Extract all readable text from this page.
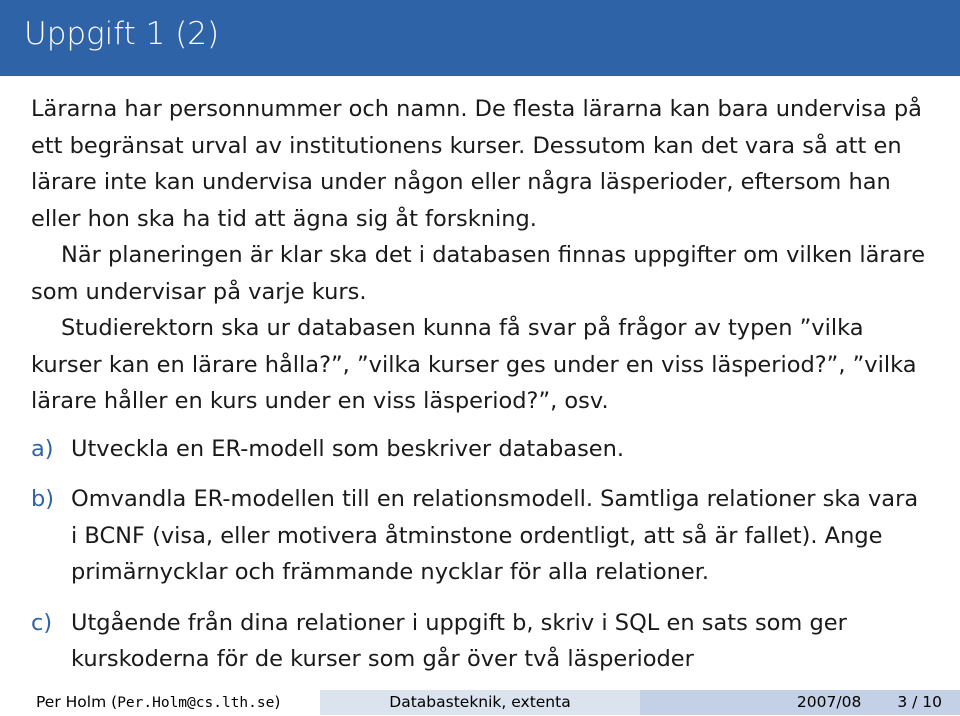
Uppgift 1 (2)

Lärarna har personnummer och namn. De flesta lärarna kan bara undervisa på ett begränsat urval av institutionens kurser. Dessutom kan det vara så att en lärare inte kan undervisa under någon eller några läsperioder, eftersom han eller hon ska ha tid att ägna sig åt forskning.

När planeringen är klar ska det i databasen finnas uppgifter om vilken lärare som undervisar på varje kurs.

Studierektorn ska ur databasen kunna få svar på frågor av typen ”vilka kurser kan en lärare hålla?”, ”vilka kurser ges under en viss läsperiod?”, ”vilka lärare håller en kurs under en viss läsperiod?”, osv.

a) Utveckla en ER-modell som beskriver databasen.
b) Omvandla ER-modellen till en relationsmodell. Samtliga relationer ska vara i BCNF (visa, eller motivera åtminstone ordentligt, att så är fallet). Ange primärnycklar och främmande nycklar för alla relationer.
c) Utgående från dina relationer i uppgift b, skriv i SQL en sats som ger kurskoderna för de kurser som går över två läsperioder
Per Holm (Per.Holm@cs.lth.se)	Databasteknik, extenta	2007/08 3 / 10
